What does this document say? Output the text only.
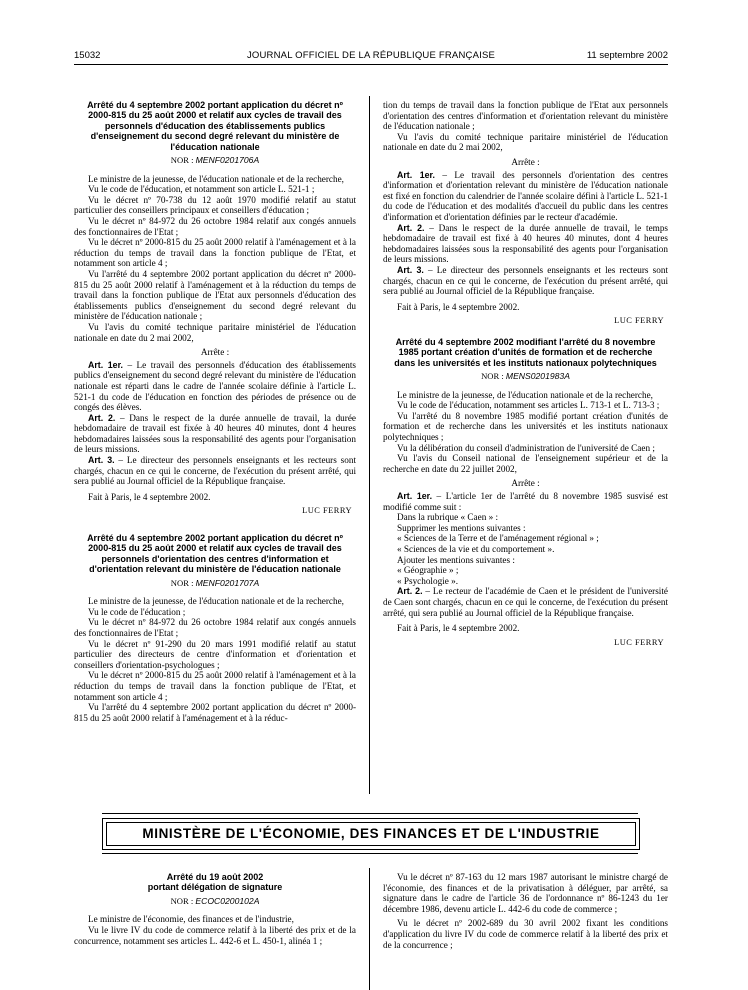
15032	JOURNAL OFFICIEL DE LA RÉPUBLIQUE FRANÇAISE	11 septembre 2002
Arrêté du 4 septembre 2002 portant application du décret nº 2000-815 du 25 août 2000 et relatif aux cycles de travail des personnels d'éducation des établissements publics d'enseignement du second degré relevant du ministère de l'éducation nationale
NOR : MENF0201706A

Le ministre de la jeunesse, de l'éducation nationale et de la recherche,

Vu le code de l'éducation, et notamment son article L. 521-1 ;

Vu le décret nº 70-738 du 12 août 1970 modifié relatif au statut particulier des conseillers principaux et conseillers d'éducation ;

Vu le décret nº 84-972 du 26 octobre 1984 relatif aux congés annuels des fonctionnaires de l'Etat ;

Vu le décret nº 2000-815 du 25 août 2000 relatif à l'aménagement et à la réduction du temps de travail dans la fonction publique de l'Etat, et notamment son article 4 ;

Vu l'arrêté du 4 septembre 2002 portant application du décret nº 2000-815 du 25 août 2000 relatif à l'aménagement et à la réduction du temps de travail dans la fonction publique de l'Etat aux personnels d'éducation des établissements publics d'enseignement du second degré relevant du ministère de l'éducation nationale ;

Vu l'avis du comité technique paritaire ministériel de l'éducation nationale en date du 2 mai 2002,

Arrête :

Art. 1er. – Le travail des personnels d'éducation des établissements publics d'enseignement du second degré relevant du ministère de l'éducation nationale est réparti dans le cadre de l'année scolaire définie à l'article L. 521-1 du code de l'éducation en fonction des périodes de présence ou de congés des élèves.

Art. 2. – Dans le respect de la durée annuelle de travail, la durée hebdomadaire de travail est fixée à 40 heures 40 minutes, dont 4 heures hebdomadaires laissées sous la responsabilité des agents pour l'organisation de leurs missions.

Art. 3. – Le directeur des personnels enseignants et les recteurs sont chargés, chacun en ce qui le concerne, de l'exécution du présent arrêté, qui sera publié au Journal officiel de la République française.

Fait à Paris, le 4 septembre 2002.

LUC FERRY
Arrêté du 4 septembre 2002 portant application du décret nº 2000-815 du 25 août 2000 et relatif aux cycles de travail des personnels d'orientation des centres d'information et d'orientation relevant du ministère de l'éducation nationale
NOR : MENF0201707A

Le ministre de la jeunesse, de l'éducation nationale et de la recherche,

Vu le code de l'éducation ;

Vu le décret nº 84-972 du 26 octobre 1984 relatif aux congés annuels des fonctionnaires de l'Etat ;

Vu le décret nº 91-290 du 20 mars 1991 modifié relatif au statut particulier des directeurs de centre d'information et d'orientation et conseillers d'orientation-psychologues ;

Vu le décret nº 2000-815 du 25 août 2000 relatif à l'aménagement et à la réduction du temps de travail dans la fonction publique de l'Etat, et notamment son article 4 ;

Vu l'arrêté du 4 septembre 2002 portant application du décret nº 2000-815 du 25 août 2000 relatif à l'aménagement et à la réduc-

tion du temps de travail dans la fonction publique de l'Etat aux personnels d'orientation des centres d'information et d'orientation relevant du ministère de l'éducation nationale ;

Vu l'avis du comité technique paritaire ministériel de l'éducation nationale en date du 2 mai 2002,

Arrête :

Art. 1er. – Le travail des personnels d'orientation des centres d'information et d'orientation relevant du ministère de l'éducation nationale est fixé en fonction du calendrier de l'année scolaire défini à l'article L. 521-1 du code de l'éducation et des modalités d'accueil du public dans les centres d'information et d'orientation définies par le recteur d'académie.

Art. 2. – Dans le respect de la durée annuelle de travail, le temps hebdomadaire de travail est fixé à 40 heures 40 minutes, dont 4 heures hebdomadaires laissées sous la responsabilité des agents pour l'organisation de leurs missions.

Art. 3. – Le directeur des personnels enseignants et les recteurs sont chargés, chacun en ce qui le concerne, de l'exécution du présent arrêté, qui sera publié au Journal officiel de la République française.

Fait à Paris, le 4 septembre 2002.

LUC FERRY
Arrêté du 4 septembre 2002 modifiant l'arrêté du 8 novembre 1985 portant création d'unités de formation et de recherche dans les universités et les instituts nationaux polytechniques
NOR : MENS0201983A

Le ministre de la jeunesse, de l'éducation nationale et de la recherche,

Vu le code de l'éducation, notamment ses articles L. 713-1 et L. 713-3 ;

Vu l'arrêté du 8 novembre 1985 modifié portant création d'unités de formation et de recherche dans les universités et les instituts nationaux polytechniques ;

Vu la délibération du conseil d'administration de l'université de Caen ;

Vu l'avis du Conseil national de l'enseignement supérieur et de la recherche en date du 22 juillet 2002,

Arrête :

Art. 1er. – L'article 1er de l'arrêté du 8 novembre 1985 susvisé est modifié comme suit :

Dans la rubrique « Caen » :

Supprimer les mentions suivantes :

« Sciences de la Terre et de l'aménagement régional » ;

« Sciences de la vie et du comportement ».

Ajouter les mentions suivantes :

« Géographie » ;

« Psychologie ».

Art. 2. – Le recteur de l'académie de Caen et le président de l'université de Caen sont chargés, chacun en ce qui le concerne, de l'exécution du présent arrêté, qui sera publié au Journal officiel de la République française.

Fait à Paris, le 4 septembre 2002.

LUC FERRY
MINISTÈRE DE L'ÉCONOMIE, DES FINANCES ET DE L'INDUSTRIE
Arrêté du 19 août 2002
portant délégation de signature
NOR : ECOC0200102A

Le ministre de l'économie, des finances et de l'industrie,

Vu le livre IV du code de commerce relatif à la liberté des prix et de la concurrence, notamment ses articles L. 442-6 et L. 450-1, alinéa 1 ;

Vu le décret nº 87-163 du 12 mars 1987 autorisant le ministre chargé de l'économie, des finances et de la privatisation à déléguer, par arrêté, sa signature dans le cadre de l'article 36 de l'ordonnance nº 86-1243 du 1er décembre 1986, devenu article L. 442-6 du code de commerce ;

Vu le décret nº 2002-689 du 30 avril 2002 fixant les conditions d'application du livre IV du code de commerce relatif à la liberté des prix et de la concurrence ;
